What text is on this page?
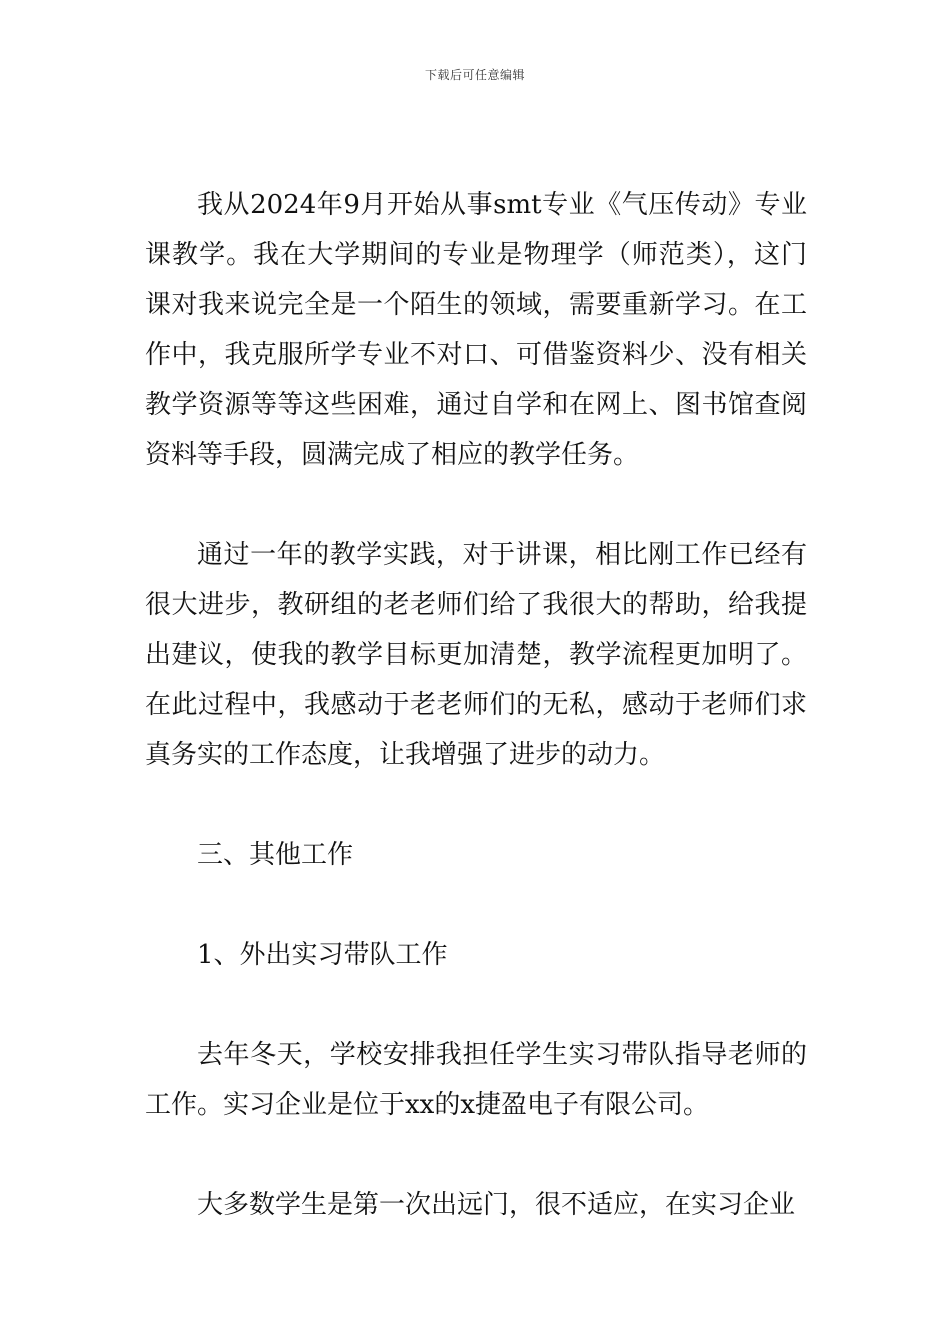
下载后可任意编辑

我从2024年9月开始从事smt专业《气压传动》专业课教学。我在大学期间的专业是物理学（师范类），这门课对我来说完全是一个陌生的领域，需要重新学习。在工作中，我克服所学专业不对口、可借鉴资料少、没有相关教学资源等等这些困难，通过自学和在网上、图书馆查阅资料等手段，圆满完成了相应的教学任务。

通过一年的教学实践，对于讲课，相比刚工作已经有很大进步，教研组的老老师们给了我很大的帮助，给我提出建议，使我的教学目标更加清楚，教学流程更加明了。在此过程中，我感动于老老师们的无私，感动于老师们求真务实的工作态度，让我增强了进步的动力。

三、其他工作

1、外出实习带队工作

去年冬天，学校安排我担任学生实习带队指导老师的工作。实习企业是位于xx的x捷盈电子有限公司。

大多数学生是第一次出远门，很不适应，在实习企业
